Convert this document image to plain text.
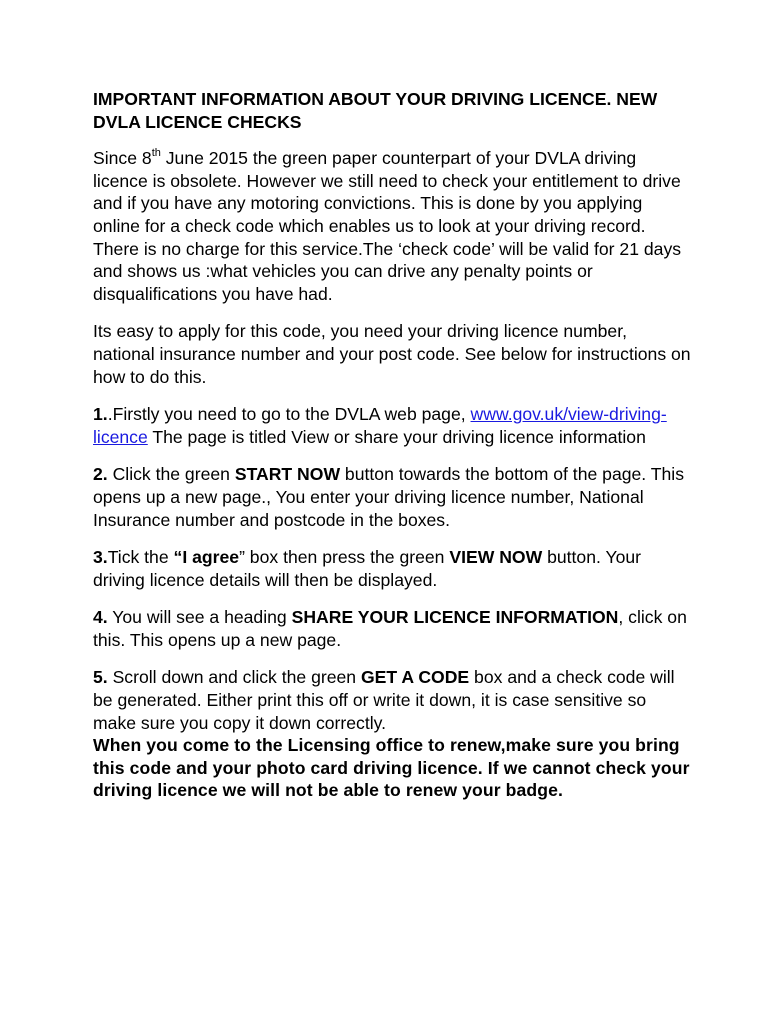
IMPORTANT INFORMATION ABOUT YOUR DRIVING LICENCE. NEW DVLA LICENCE CHECKS

Since 8th June 2015 the green paper counterpart of your DVLA driving licence is obsolete. However we still need to check your entitlement to drive and if you have any motoring convictions. This is done by you applying online for a check code which enables us to look at your driving record. There is no charge for this service.The ‘check code’ will be valid for 21 days and shows us :what vehicles you can drive any penalty points or disqualifications you have had.

Its easy to apply for this code, you need your driving licence number, national insurance number and your post code. See below for instructions on how to do this.

1..Firstly you need to go to the DVLA web page, www.gov.uk/view-driving-licence The page is titled View or share your driving licence information

2. Click the green START NOW button towards the bottom of the page. This opens up a new page., You enter your driving licence number, National Insurance number and postcode in the boxes.

3.Tick the “I agree” box then press the green VIEW NOW button. Your driving licence details will then be displayed.

4. You will see a heading SHARE YOUR LICENCE INFORMATION, click on this. This opens up a new page.

5. Scroll down and click the green GET A CODE box and a check code will be generated. Either print this off or write it down, it is case sensitive so make sure you copy it down correctly.

When you come to the Licensing office to renew,make sure you bring this code and your photo card driving licence. If we cannot check your driving licence we will not be able to renew your badge.
